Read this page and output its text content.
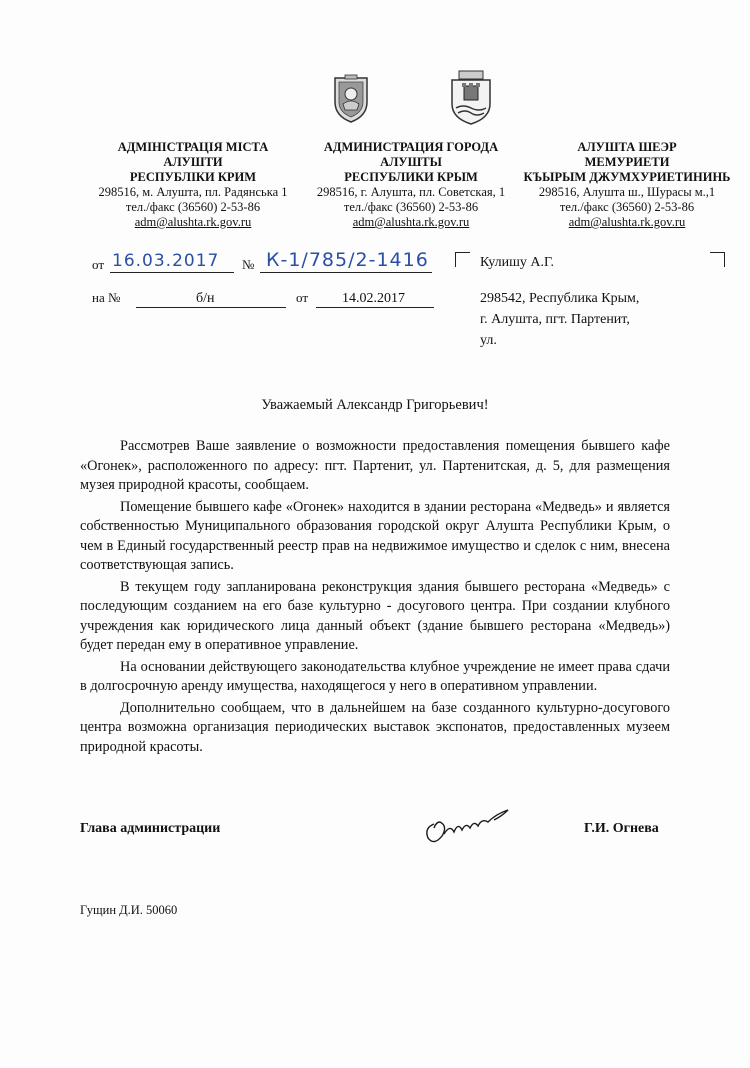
АДМІНІСТРАЦІЯ МІСТА
АЛУШТИ
РЕСПУБЛІКИ КРИМ
298516, м. Алушта, пл. Радянська 1
тел./факс (36560) 2-53-86
adm@alushta.rk.gov.ru
АДМИНИСТРАЦИЯ ГОРОДА
АЛУШТЫ
РЕСПУБЛИКИ КРЫМ
298516, г. Алушта, пл. Советская, 1
тел./факс (36560) 2-53-86
adm@alushta.rk.gov.ru
АЛУШТА ШЕЭР
МЕМУРИЕТИ
КЪЫРЫМ ДЖУМХУРИЕТИНИНЬ
298516, Алушта ш., Шурасы м.,1
тел./факс (36560) 2-53-86
adm@alushta.rk.gov.ru
от 16.03.2017 № К-1/785/2-1416
на №	б/н	от 14.02.2017
Кулишу А.Г.
298542, Республика Крым,
г. Алушта, пгт. Партенит,
ул.
Уважаемый Александр Григорьевич!

Рассмотрев Ваше заявление о возможности предоставления помещения бывшего кафе «Огонек», расположенного по адресу: пгт. Партенит, ул. Партенитская, д. 5, для размещения музея природной красоты, сообщаем.

Помещение бывшего кафе «Огонек» находится в здании ресторана «Медведь» и является собственностью Муниципального образования городской округ Алушта Республики Крым, о чем в Единый государственный реестр прав на недвижимое имущество и сделок с ним, внесена соответствующая запись.

В текущем году запланирована реконструкция здания бывшего ресторана «Медведь» с последующим созданием на его базе культурно - досугового центра. При создании клубного учреждения как юридического лица данный объект (здание бывшего ресторана «Медведь») будет передан ему в оперативное управление.

На основании действующего законодательства клубное учреждение не имеет права сдачи в долгосрочную аренду имущества, находящегося у него в оперативном управлении.

Дополнительно сообщаем, что в дальнейшем на базе созданного культурно-досугового центра возможна организация периодических выставок экспонатов, предоставленных музеем природной красоты.

Глава администрации	Г.И. Огнева
Гущин Д.И. 50060
